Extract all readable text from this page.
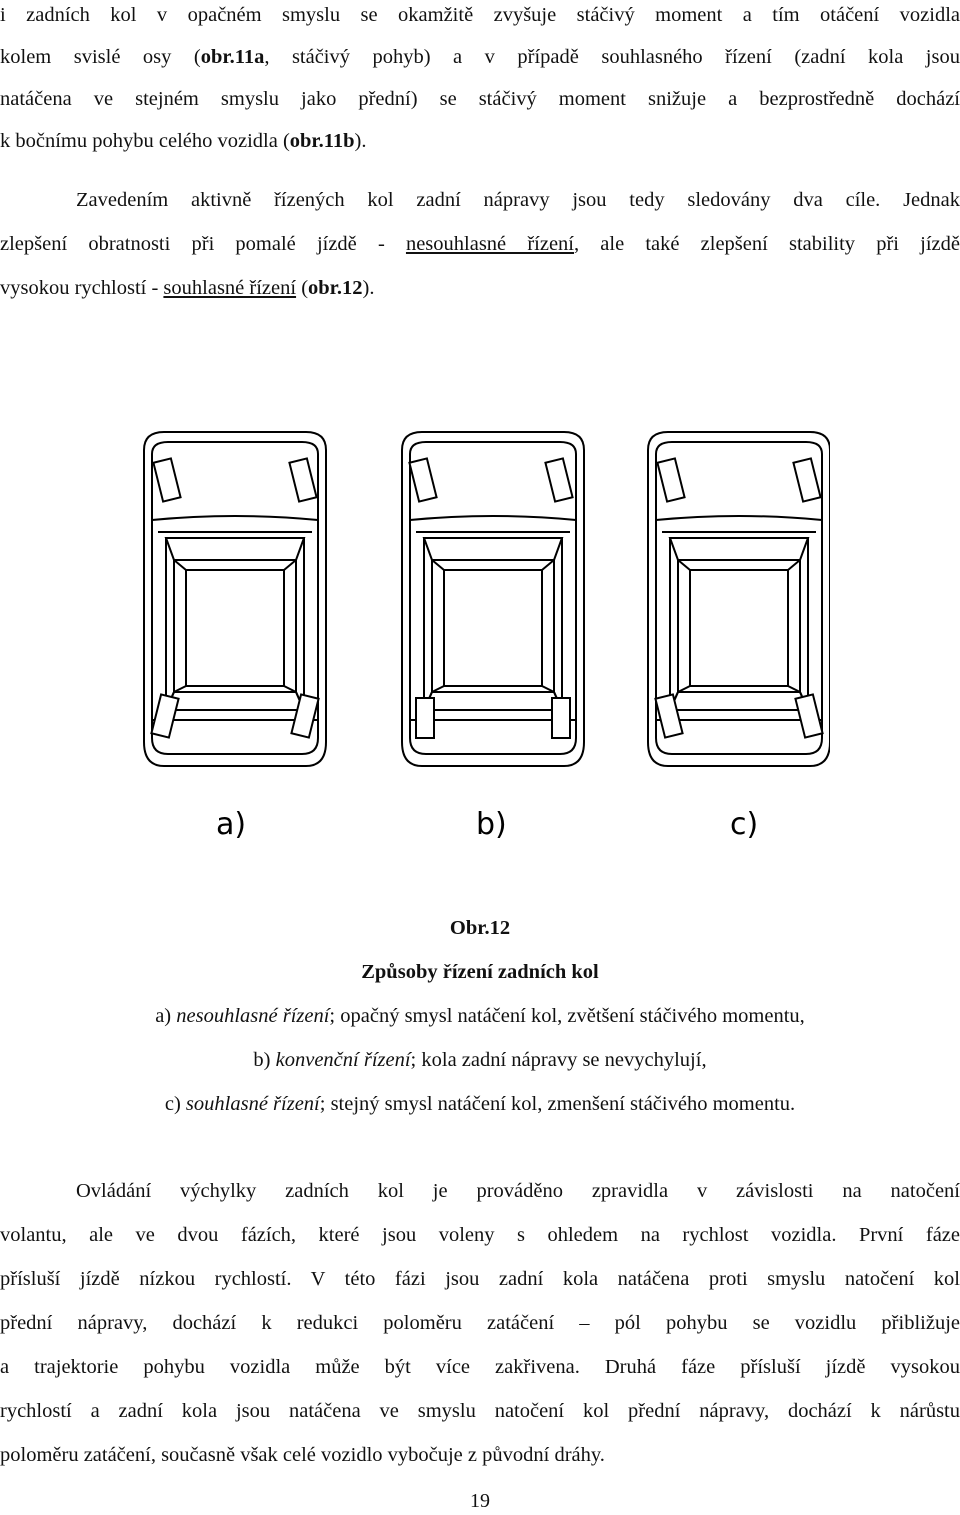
i zadních kol v opačném smyslu se okamžitě zvyšuje stáčivý moment a tím otáčení vozidla
kolem svislé osy (obr.11a, stáčivý pohyb) a v případě souhlasného řízení (zadní kola jsou
natáčena ve stejném smyslu jako přední) se stáčivý moment snižuje a bezprostředně dochází
k bočnímu pohybu celého vozidla (obr.11b).
Zavedením aktivně řízených kol zadní nápravy jsou tedy sledovány dva cíle. Jednak
zlepšení obratnosti při pomalé jízdě - nesouhlasné řízení, ale také zlepšení stability při jízdě
vysokou rychlostí - souhlasné řízení (obr.12).
a)	b)	c)
Obr.12
Způsoby řízení zadních kol
a) nesouhlasné řízení; opačný smysl natáčení kol, zvětšení stáčivého momentu,
b) konvenční řízení; kola zadní nápravy se nevychylují,
c) souhlasné řízení; stejný smysl natáčení kol, zmenšení stáčivého momentu.
Ovládání výchylky zadních kol je prováděno zpravidla v závislosti na natočení
volantu, ale ve dvou fázích, které jsou voleny s ohledem na rychlost vozidla. První fáze
přísluší jízdě nízkou rychlostí. V této fázi jsou zadní kola natáčena proti smyslu natočení kol
přední nápravy, dochází k redukci poloměru zatáčení – pól pohybu se vozidlu přibližuje
a trajektorie pohybu vozidla může být více zakřivena. Druhá fáze přísluší jízdě vysokou
rychlostí a zadní kola jsou natáčena ve smyslu natočení kol přední nápravy, dochází k nárůstu
poloměru zatáčení, současně však celé vozidlo vybočuje z původní dráhy.
19
